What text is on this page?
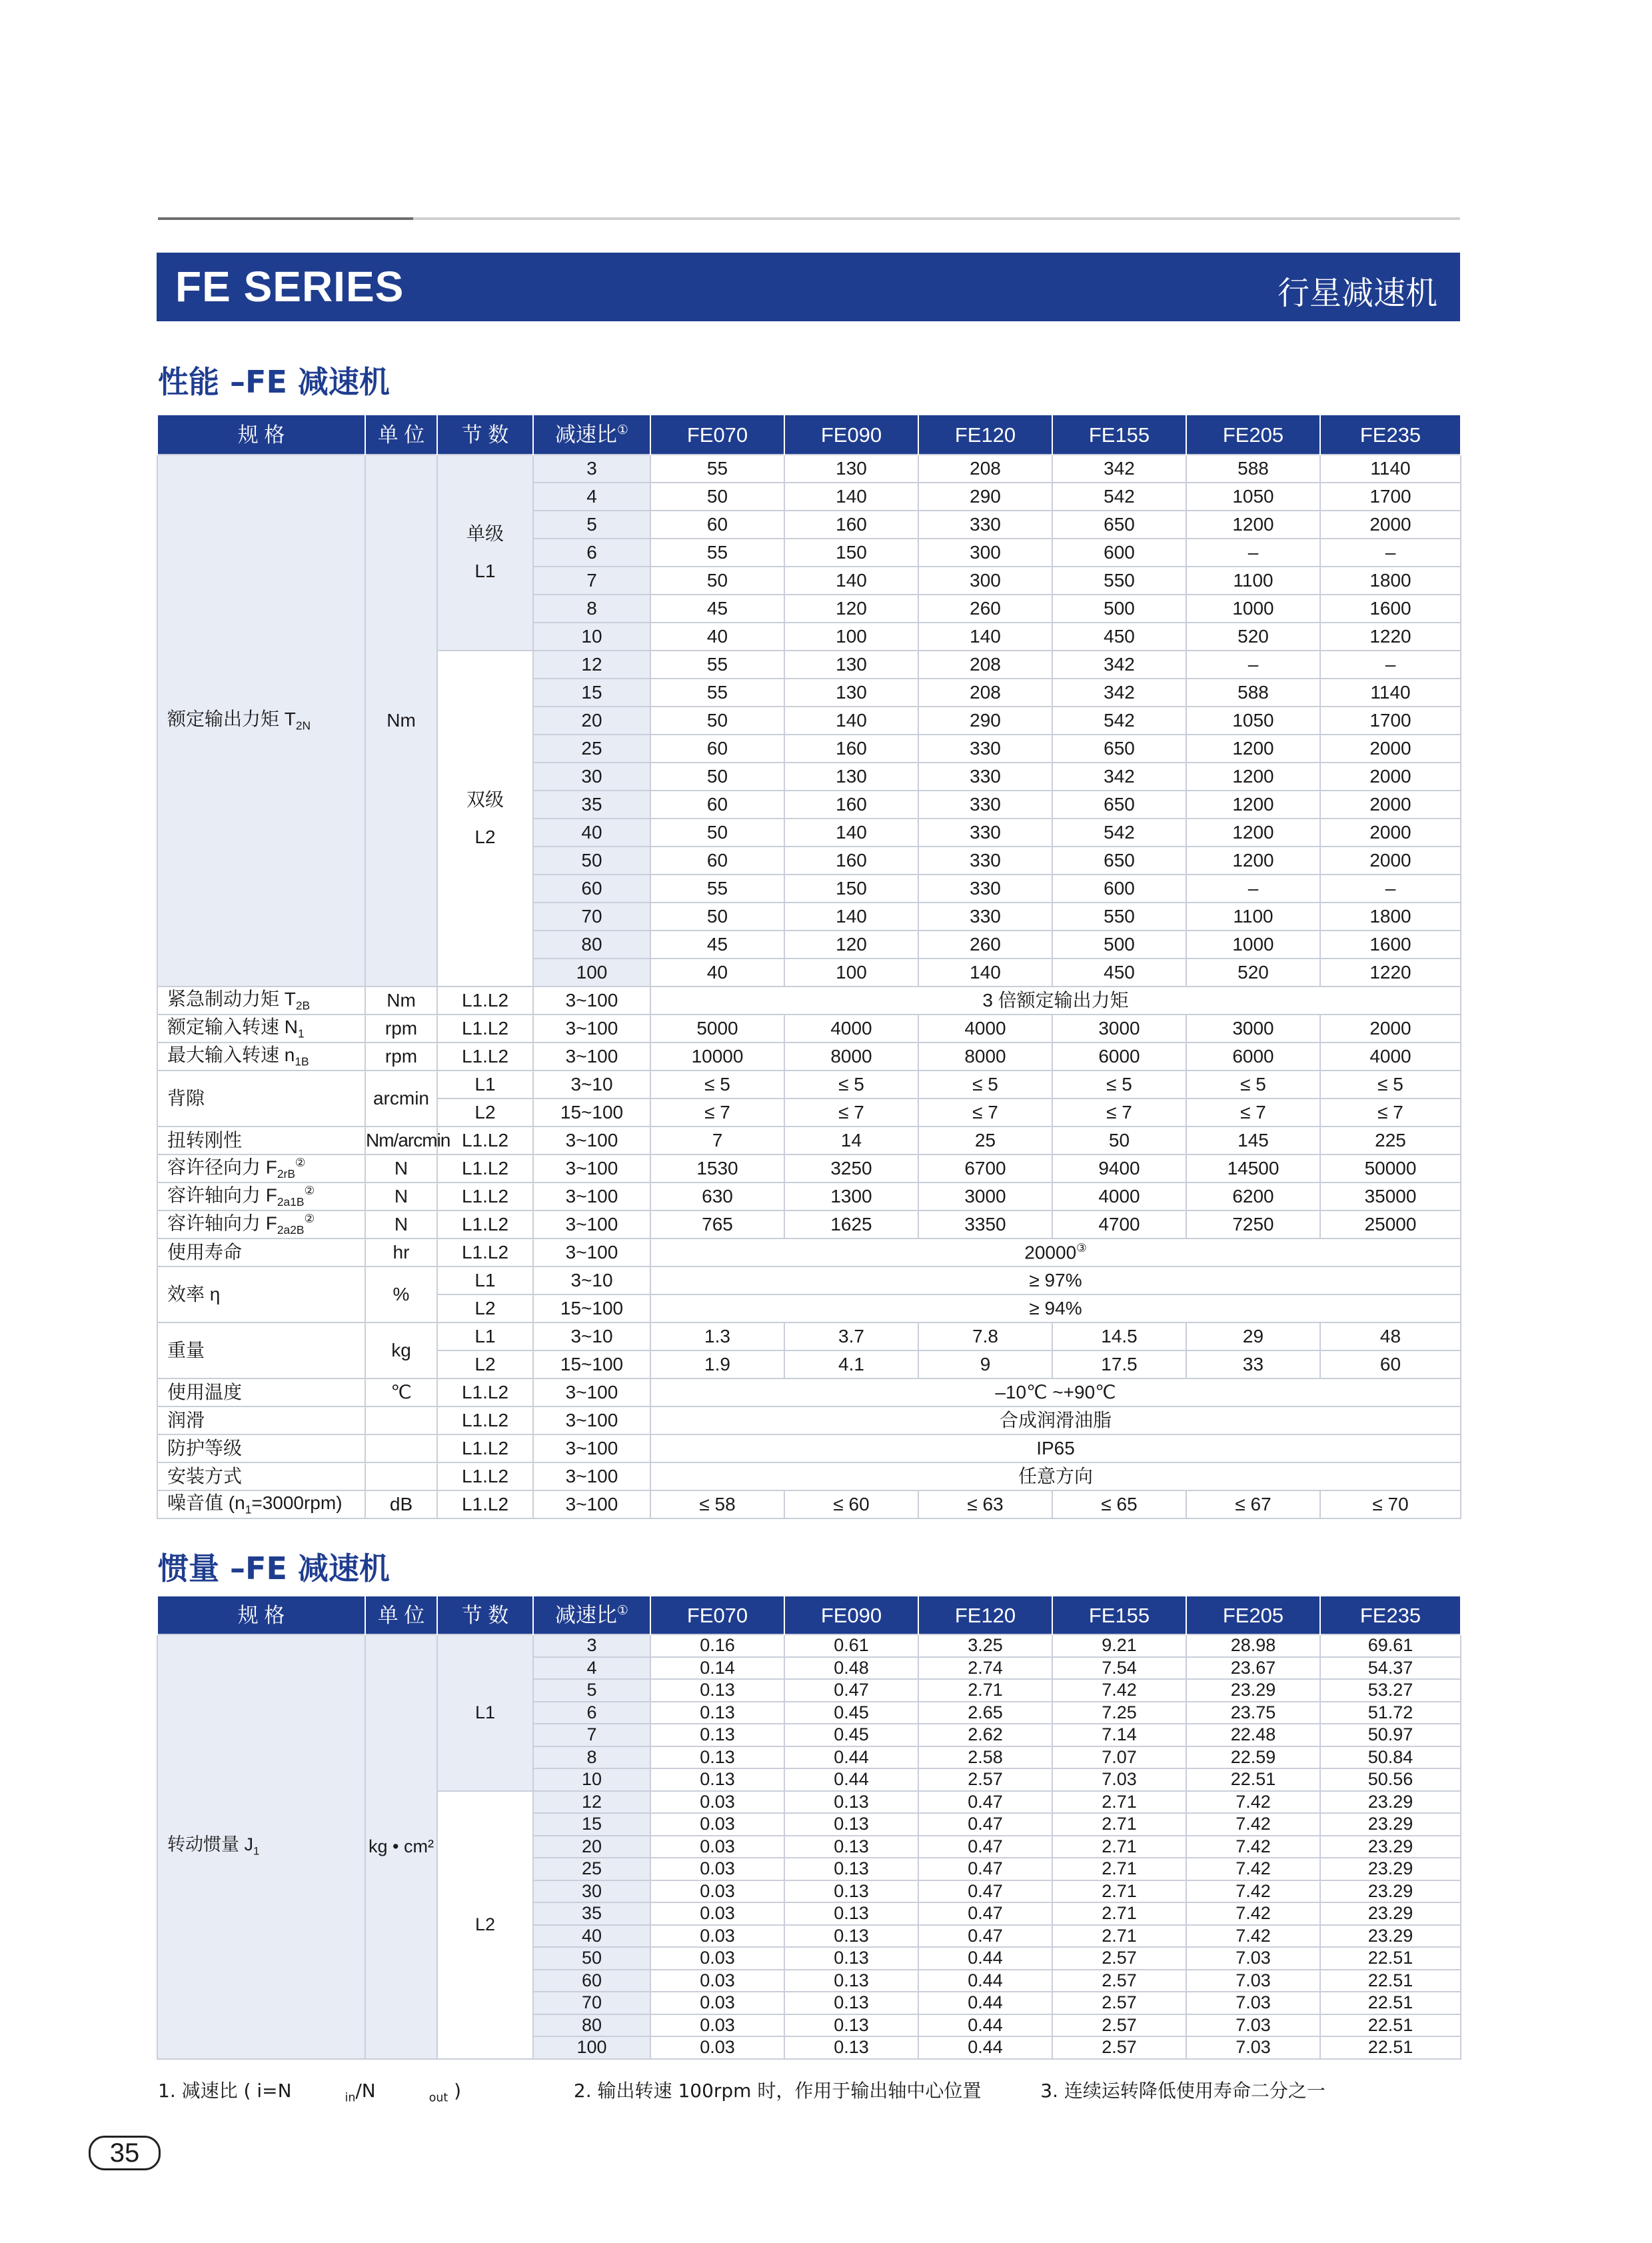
FE SERIES	行星减速机
性能 –FE 减速机
规 格	单 位	节 数	减速比①	FE070	FE090	FE120	FE155	FE205	FE235
额定输出力矩 $T_{2N}$	Nm	单级

L1	3	55	130	208	342	588	1140
			4	50	140	290	542	1050	1700
			5	60	160	330	650	1200	2000
			6	55	150	300	600	–	–
			7	50	140	300	550	1100	1800
			8	45	120	260	500	1000	1600
			10	40	100	140	450	520	1220
		双级

L2	12	55	130	208	342	–	–
			15	55	130	208	342	588	1140
			20	50	140	290	542	1050	1700
			25	60	160	330	650	1200	2000
			30	50	130	330	342	1200	2000
			35	60	160	330	650	1200	2000
			40	50	140	330	542	1200	2000
			50	60	160	330	650	1200	2000
			60	55	150	330	600	–	–
			70	50	140	330	550	1100	1800
			80	45	120	260	500	1000	1600
			100	40	100	140	450	520	1220
紧急制动力矩 $T_{2B}$	Nm	L1.L2	3~100	3 倍额定输出力矩					
额定输入转速 $N_1$	rpm	L1.L2	3~100	5000	4000	4000	3000	3000	2000
最大输入转速 $n_{1B}$	rpm	L1.L2	3~100	10000	8000	8000	6000	6000	4000
背隙	arcmin	L1	3~10	≤ 5	≤ 5	≤ 5	≤ 5	≤ 5	≤ 5
		L2	15~100	≤ 7	≤ 7	≤ 7	≤ 7	≤ 7	≤ 7
扭转刚性	Nm/arcmin	L1.L2	3~100	7	14	25	50	145	225
容许径向力 $F_{2rB}^②$	N	L1.L2	3~100	1530	3250	6700	9400	14500	50000
容许轴向力 $F_{2a1B}^②$	N	L1.L2	3~100	630	1300	3000	4000	6200	35000
容许轴向力 $F_{2a2B}^②$	N	L1.L2	3~100	765	1625	3350	4700	7250	25000
使用寿命	hr	L1.L2	3~100	20000③
效率 η	%	L1	3~10	≥ 97%					
		L2	15~100	≥ 94%					
重量	kg	L1	3~10	1.3	3.7	7.8	14.5	29	48
		L2	15~100	1.9	4.1	9	17.5	33	60
使用温度	℃	L1.L2	3~100	–10℃ ~+90℃					
润滑		L1.L2	3~100	合成润滑油脂					
防护等级		L1.L2	3~100	IP65					
安装方式		L1.L2	3~100	任意方向					
噪音值 $(n_1=3000rpm)$	dB	L1.L2	3~100	≤ 58	≤ 60	≤ 63	≤ 65	≤ 67	≤ 70
惯量 –FE 减速机
规 格	单 位	节 数	减速比①	FE070	FE090	FE120	FE155	FE205	FE235
转动惯量 $J_1$	kg • cm²	L1	3	0.16	0.61	3.25	9.21	28.98	69.61
			4	0.14	0.48	2.74	7.54	23.67	54.37
			5	0.13	0.47	2.71	7.42	23.29	53.27
			6	0.13	0.45	2.65	7.25	23.75	51.72
			7	0.13	0.45	2.62	7.14	22.48	50.97
			8	0.13	0.44	2.58	7.07	22.59	50.84
			10	0.13	0.44	2.57	7.03	22.51	50.56
		L2	12	0.03	0.13	0.47	2.71	7.42	23.29
			15	0.03	0.13	0.47	2.71	7.42	23.29
			20	0.03	0.13	0.47	2.71	7.42	23.29
			25	0.03	0.13	0.47	2.71	7.42	23.29
			30	0.03	0.13	0.47	2.71	7.42	23.29
			35	0.03	0.13	0.47	2.71	7.42	23.29
			40	0.03	0.13	0.47	2.71	7.42	23.29
			50	0.03	0.13	0.44	2.57	7.03	22.51
			60	0.03	0.13	0.44	2.57	7.03	22.51
			70	0.03	0.13	0.44	2.57	7.03	22.51
			80	0.03	0.13	0.44	2.57	7.03	22.51
			100	0.03	0.13	0.44	2.57	7.03	22.51
1. 减速比 ( i=N	$_{in}$/N	$_{out}$ )	2. 输出转速 100rpm 时，作用于输出轴中心位置	3. 连续运转降低使用寿命二分之一
35
